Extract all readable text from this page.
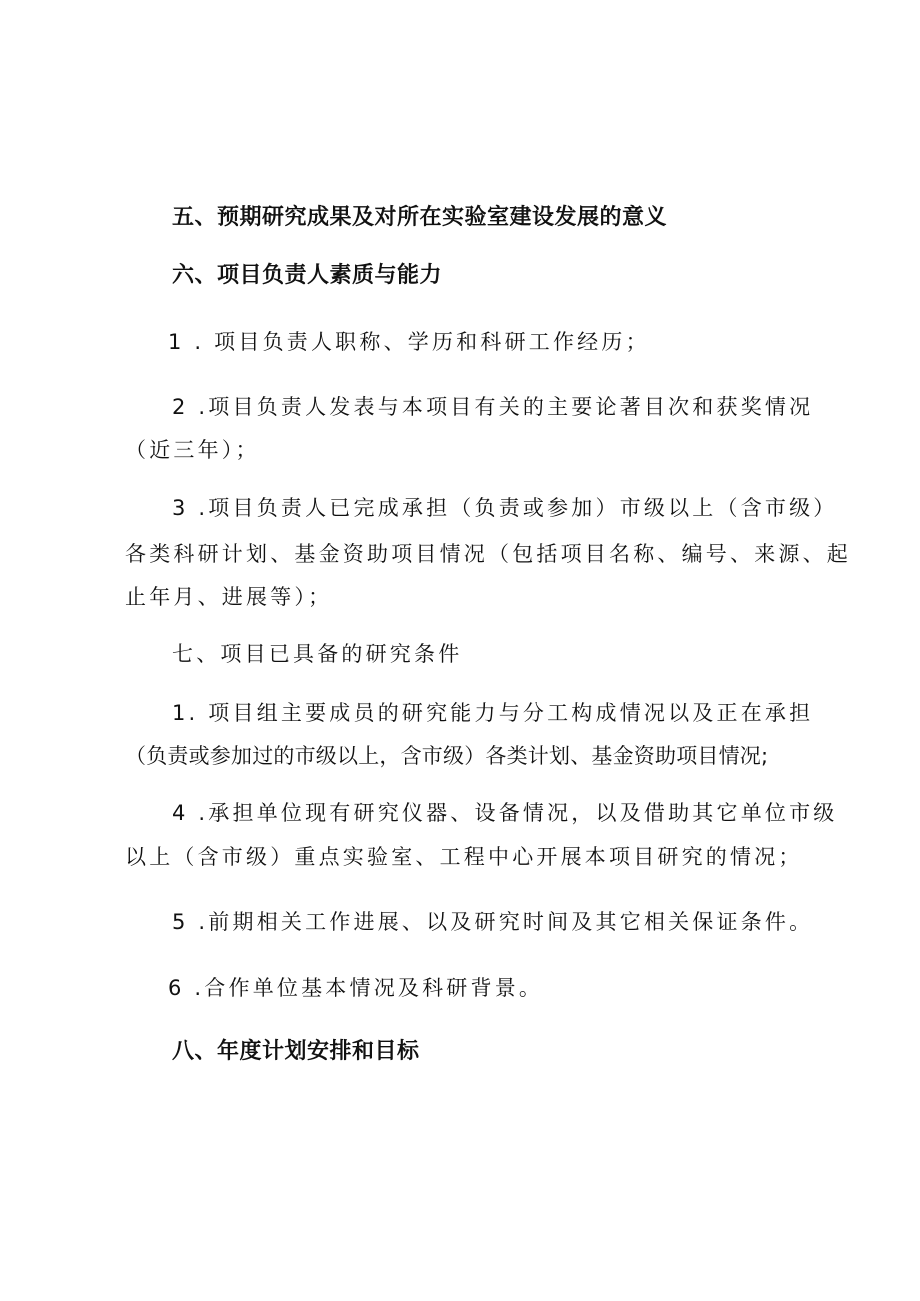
五、预期研究成果及对所在实验室建设发展的意义
六、项目负责人素质与能力
1 . 项目负责人职称、学历和科研工作经历；
2 .项目负责人发表与本项目有关的主要论著目次和获奖情况
（近三年）；
3 .项目负责人已完成承担（负责或参加）市级以上（含市级）
各类科研计划、基金资助项目情况（包括项目名称、编号、来源、起
止年月、进展等）；
七、项目已具备的研究条件
1. 项目组主要成员的研究能力与分工构成情况以及正在承担
（负责或参加过的市级以上，含市级）各类计划、基金资助项目情况;
4 .承担单位现有研究仪器、设备情况，以及借助其它单位市级
以上（含市级）重点实验室、工程中心开展本项目研究的情况；
5 .前期相关工作进展、以及研究时间及其它相关保证条件。
6 .合作单位基本情况及科研背景。
八、年度计划安排和目标
